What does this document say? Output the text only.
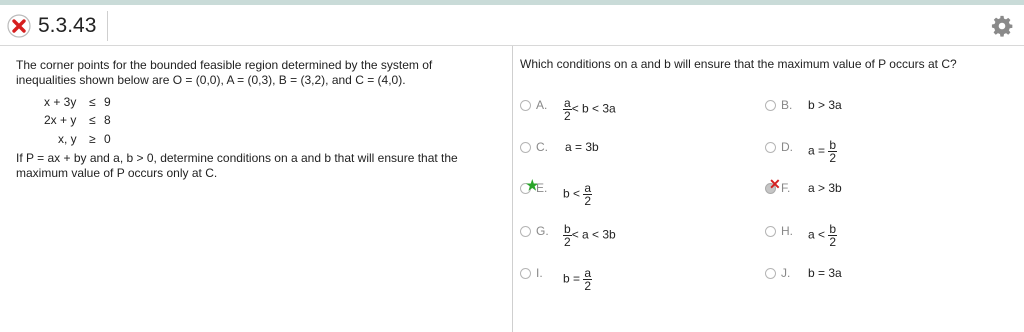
5.3.43
The corner points for the bounded feasible region determined by the system of
inequalities shown below are O = (0,0), A = (0,3), B = (3,2), and C = (4,0).
x + 3y ≤ 9
2x + y ≤ 8
x, y ≥ 0
If P = ax + by and a, b > 0, determine conditions on a and b that will ensure that the
maximum value of P occurs only at C.
Which conditions on a and b will ensure that the maximum value of P occurs at C?
A. $\frac{a}{2} < b < 3a$	B. b > 3a
C. a = 3b	D. $a = \frac{b}{2}$
★
E. $b < \frac{a}{2}$	✕ F. a > 3b
G. $\frac{b}{2} < a < 3b$	H. $a < \frac{b}{2}$
I. $b = \frac{a}{2}$	J. b = 3a
